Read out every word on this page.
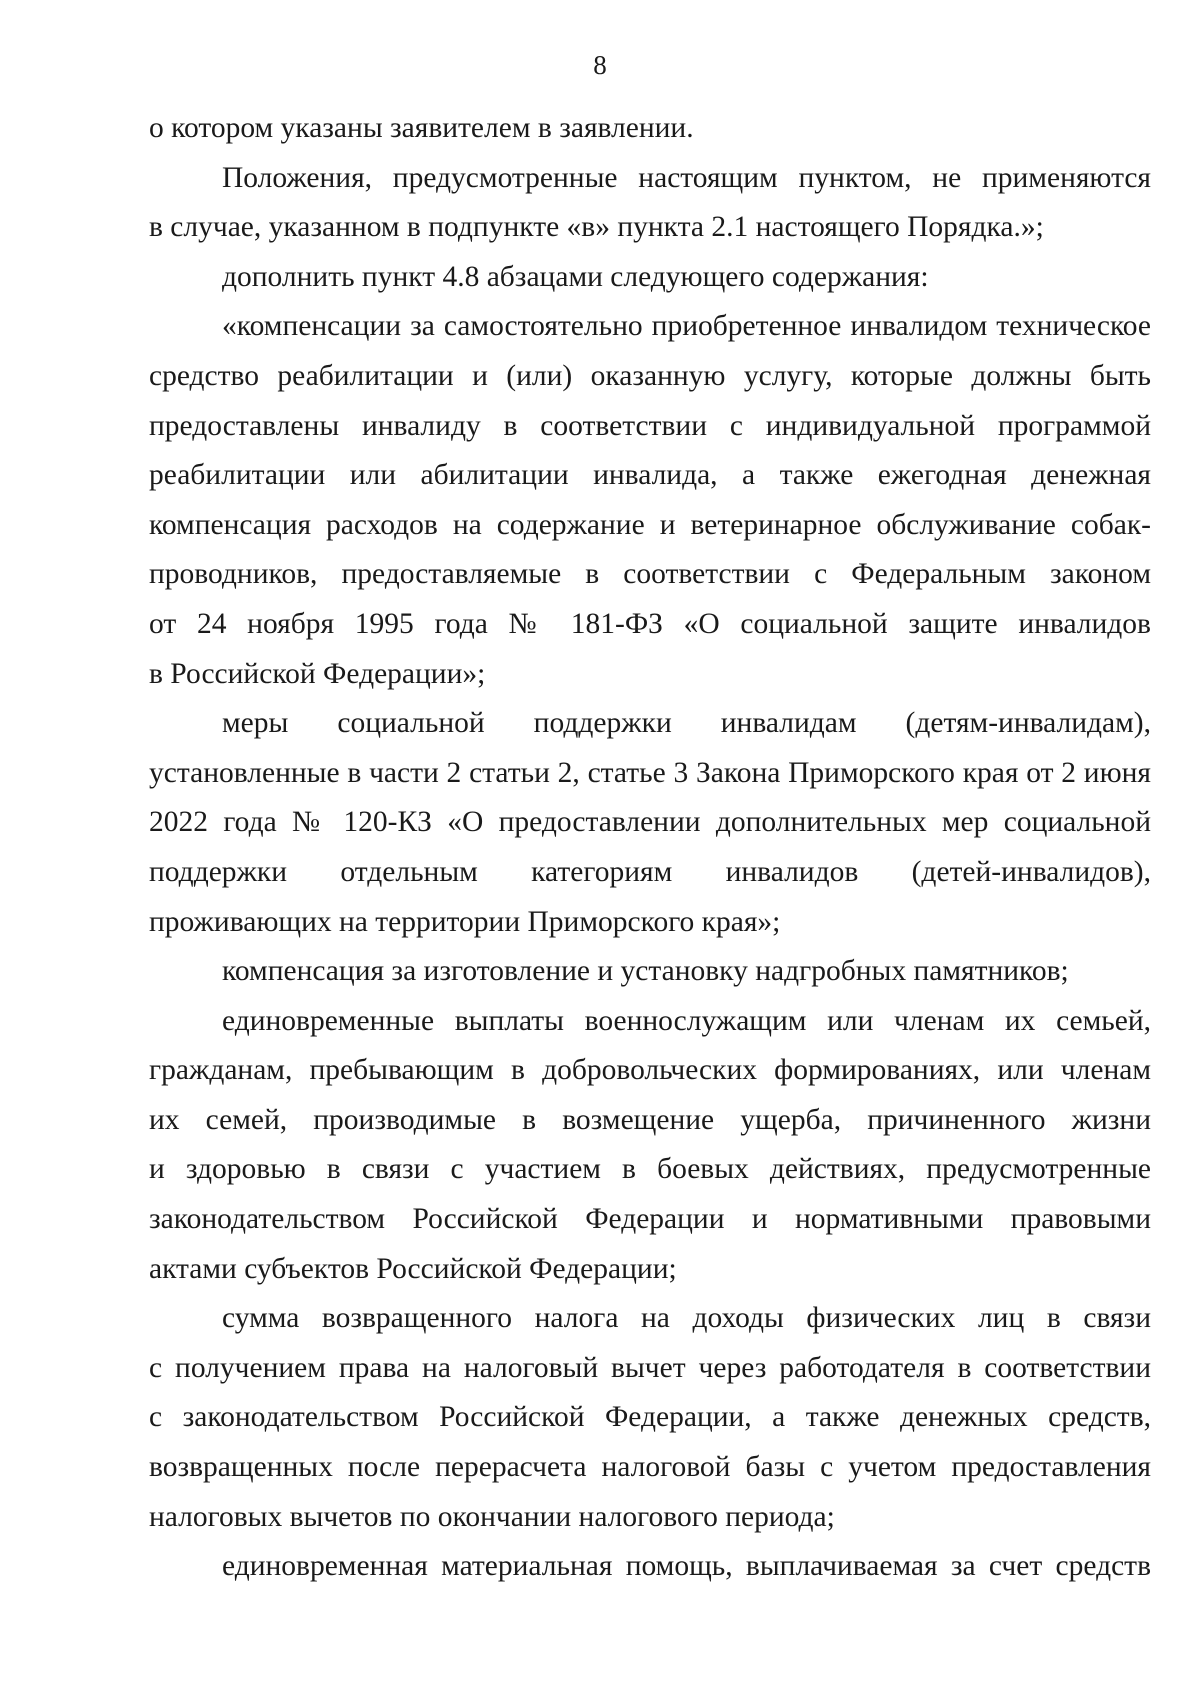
8
о котором указаны заявителем в заявлении.
Положения, предусмотренные настоящим пунктом, не применяются
в случае, указанном в подпункте «в» пункта 2.1 настоящего Порядка.»;
дополнить пункт 4.8 абзацами следующего содержания:
«компенсации за самостоятельно приобретенное инвалидом техническое
средство реабилитации и (или) оказанную услугу, которые должны быть
предоставлены инвалиду в соответствии с индивидуальной программой
реабилитации или абилитации инвалида, а также ежегодная денежная
компенсация расходов на содержание и ветеринарное обслуживание собак-
проводников, предоставляемые в соответствии с Федеральным законом
от 24 ноября 1995 года № 181-ФЗ «О социальной защите инвалидов
в Российской Федерации»;
меры социальной поддержки инвалидам (детям-инвалидам),
установленные в части 2 статьи 2, статье 3 Закона Приморского края от 2 июня
2022 года № 120-КЗ «О предоставлении дополнительных мер социальной
поддержки отдельным категориям инвалидов (детей-инвалидов),
проживающих на территории Приморского края»;
компенсация за изготовление и установку надгробных памятников;
единовременные выплаты военнослужащим или членам их семьей,
гражданам, пребывающим в добровольческих формированиях, или членам
их семей, производимые в возмещение ущерба, причиненного жизни
и здоровью в связи с участием в боевых действиях, предусмотренные
законодательством Российской Федерации и нормативными правовыми
актами субъектов Российской Федерации;
сумма возвращенного налога на доходы физических лиц в связи
с получением права на налоговый вычет через работодателя в соответствии
с законодательством Российской Федерации, а также денежных средств,
возвращенных после перерасчета налоговой базы с учетом предоставления
налоговых вычетов по окончании налогового периода;
единовременная материальная помощь, выплачиваемая за счет средств
